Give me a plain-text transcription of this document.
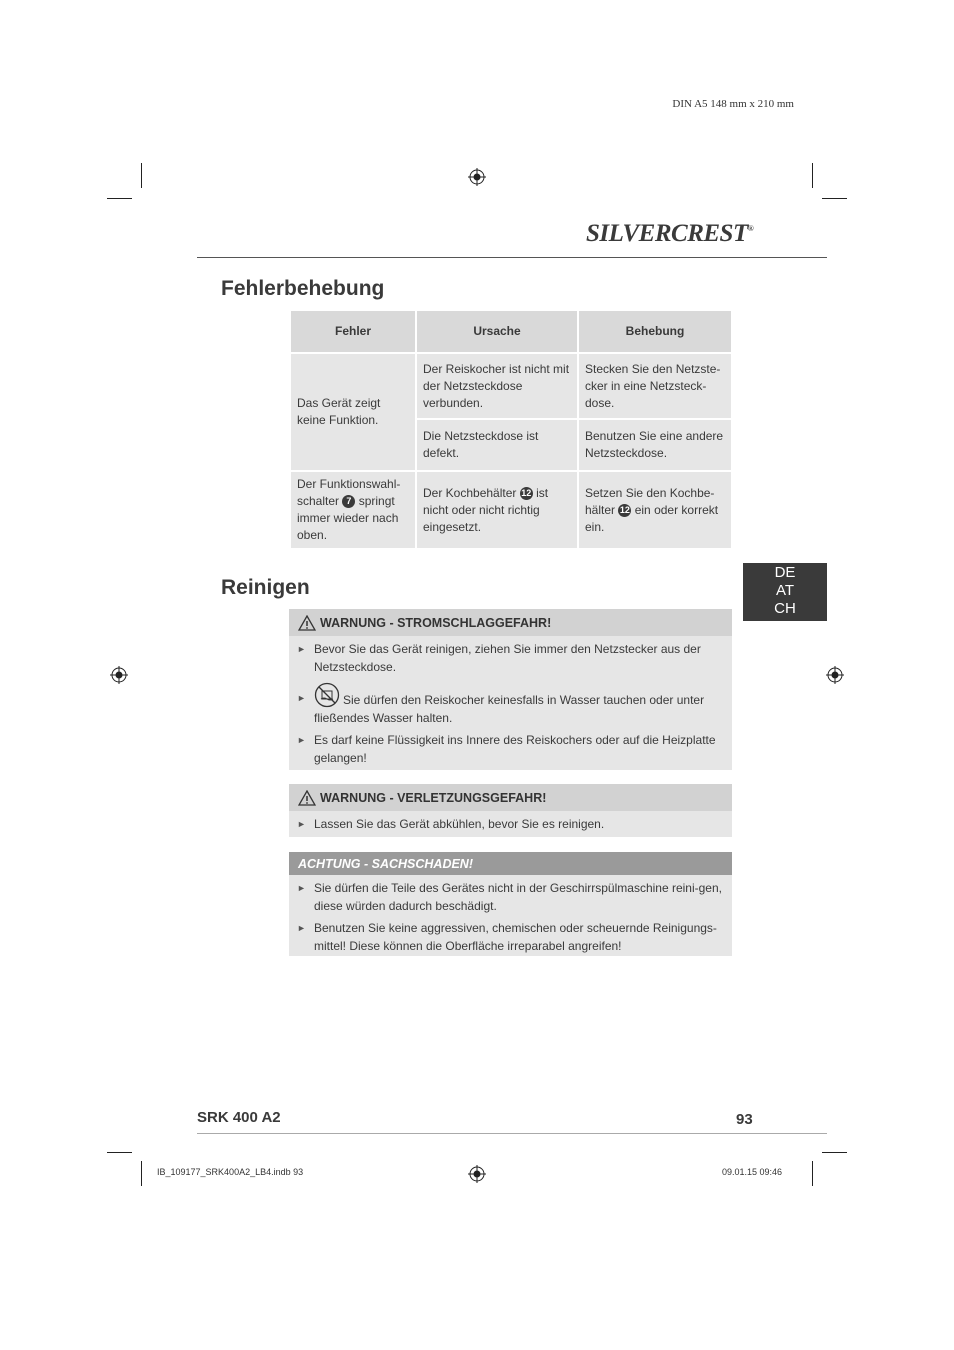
DIN A5 148 mm x 210 mm
SILVERCREST®
Fehlerbehebung
Fehler	Ursache	Behebung
Das Gerät zeigt keine Funktion.	Der Reiskocher ist nicht mit der Netzsteckdose verbunden.	Stecken Sie den Netzste-cker in eine Netzsteck-dose.
	Die Netzsteckdose ist defekt.	Benutzen Sie eine andere Netzsteckdose.
Der Funktionswahl-schalter 7 springt immer wieder nach oben.	Der Kochbehälter 12 ist nicht oder nicht richtig eingesetzt.	Setzen Sie den Kochbe-hälter 12 ein oder korrekt ein.
DE
AT
CH
Reinigen
WARNUNG - STROMSCHLAGGEFAHR!
► Bevor Sie das Gerät reinigen, ziehen Sie immer den Netzstecker aus der Netzsteckdose.
►	Sie dürfen den Reiskocher keinesfalls in Wasser tauchen oder unter fließendes Wasser halten.
► Es darf keine Flüssigkeit ins Innere des Reiskochers oder auf die Heizplatte gelangen!
WARNUNG - VERLETZUNGSGEFAHR!
► Lassen Sie das Gerät abkühlen, bevor Sie es reinigen.
ACHTUNG - SACHSCHADEN!
► Sie dürfen die Teile des Gerätes nicht in der Geschirrspülmaschine reini-gen, diese würden dadurch beschädigt.
► Benutzen Sie keine aggressiven, chemischen oder scheuernde Reinigungs-mittel! Diese können die Oberfläche irreparabel angreifen!
SRK 400 A2	93
IB_109177_SRK400A2_LB4.indb 93	09.01.15 09:46
